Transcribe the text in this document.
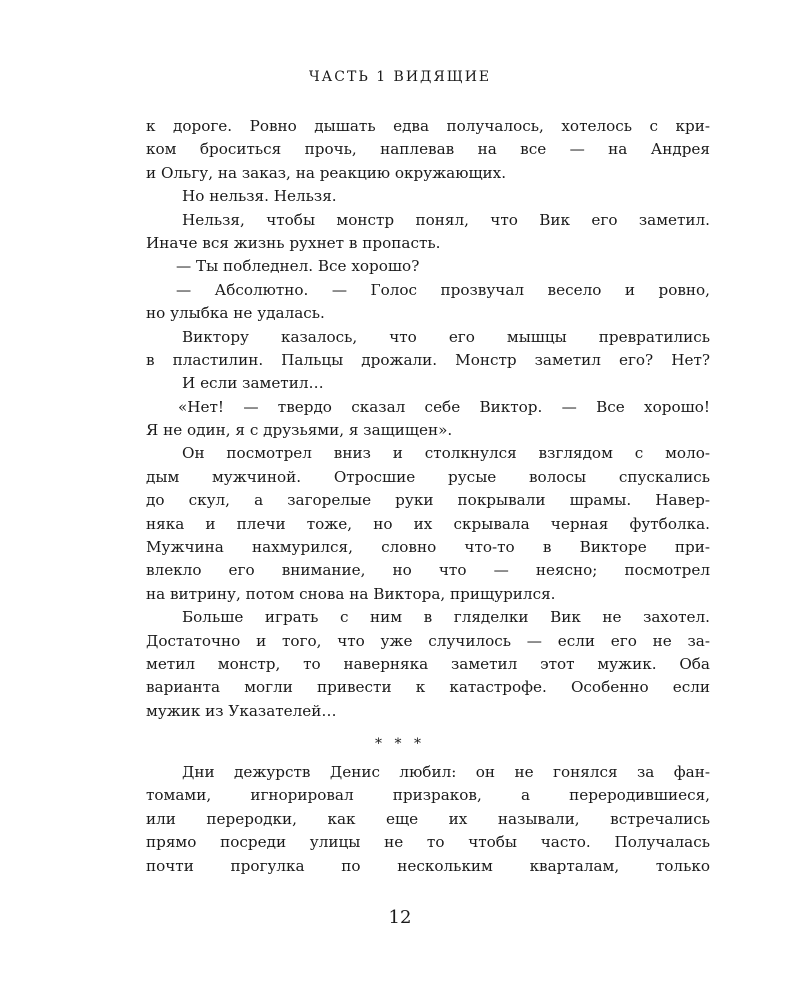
ЧАСТЬ 1 ВИДЯЩИЕ
к дороге. Ровно дышать едва получалось, хотелось с кри-
ком броситься прочь, наплевав на все — на Андрея
и Ольгу, на заказ, на реакцию окружающих.
Но нельзя. Нельзя.
Нельзя, чтобы монстр понял, что Вик его заметил.
Иначе вся жизнь рухнет в пропасть.
— Ты побледнел. Все хорошо?
— Абсолютно. — Голос прозвучал весело и ровно,
но улыбка не удалась.
Виктору казалось, что его мышцы превратились
в пластилин. Пальцы дрожали. Монстр заметил его? Нет?
И если заметил…
«Нет! — твердо сказал себе Виктор. — Все хорошо!
Я не один, я с друзьями, я защищен».
Он посмотрел вниз и столкнулся взглядом с моло-
дым мужчиной. Отросшие русые волосы спускались
до скул, а загорелые руки покрывали шрамы. Навер-
няка и плечи тоже, но их скрывала черная футболка.
Мужчина нахмурился, словно что-то в Викторе при-
влекло его внимание, но что — неясно; посмотрел
на витрину, потом снова на Виктора, прищурился.
Больше играть с ним в гляделки Вик не захотел.
Достаточно и того, что уже случилось — если его не за-
метил монстр, то наверняка заметил этот мужик. Оба
варианта могли привести к катастрофе. Особенно если
мужик из Указателей…
* * *
Дни дежурств Денис любил: он не гонялся за фан-
томами, игнорировал призраков, а переродившиеся,
или перeродки, как еще их называли, встречались
прямо посреди улицы не то чтобы часто. Получалась
почти прогулка по нескольким кварталам, только
12
